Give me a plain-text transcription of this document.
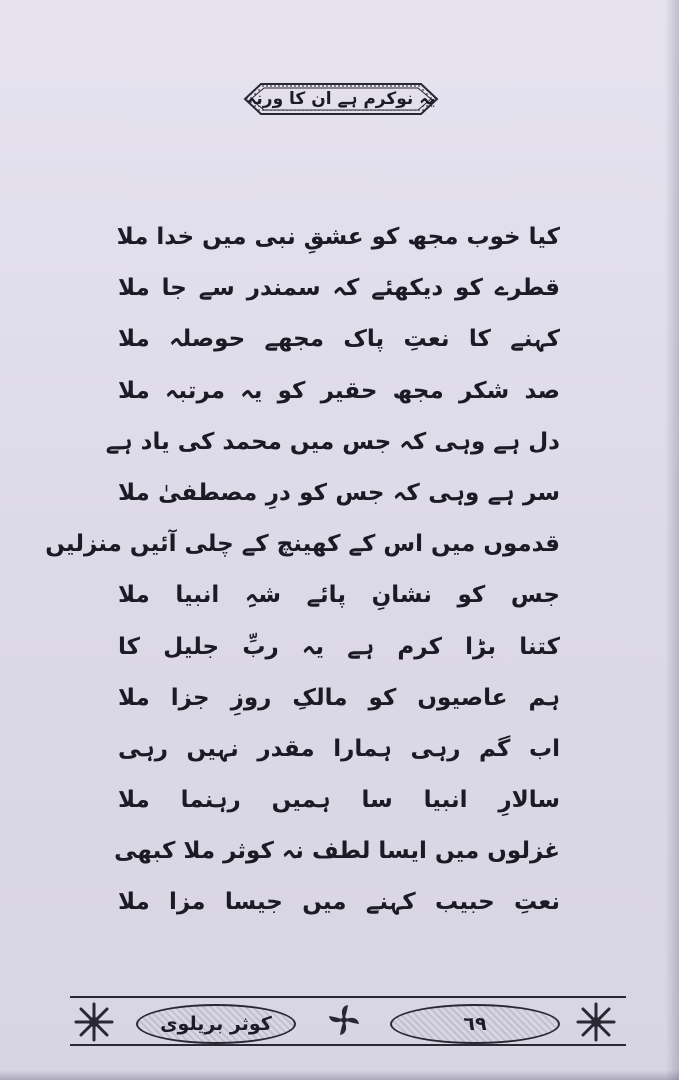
یہ نوکرم ہے ان کا ورنہ
کیا خوب مجھ کو عشقِ نبی میں خدا ملا
قطرے کو دیکھئے کہ سمندر سے جا ملا
کہنے کا نعتِ پاک مجھے حوصلہ ملا
صد شکر مجھ حقیر کو یہ مرتبہ ملا
دل ہے وہی کہ جس میں محمد کی یاد ہے
سر ہے وہی کہ جس کو درِ مصطفیٰ ملا
قدموں میں اس کے کھینچ کے چلی آئیں منزلیں
جس کو نشانِ پائے شہِ انبیا ملا
کتنا بڑا کرم ہے یہ ربِّ جلیل کا
ہم عاصیوں کو مالکِ روزِ جزا ملا
اب گم رہی ہمارا مقدر نہیں رہی
سالارِ انبیا سا ہمیں رہنما ملا
غزلوں میں ایسا لطف نہ کوثر ملا کبھی
نعتِ حبیب کہنے میں جیسا مزا ملا
کوثر بریلوی	٦٩
